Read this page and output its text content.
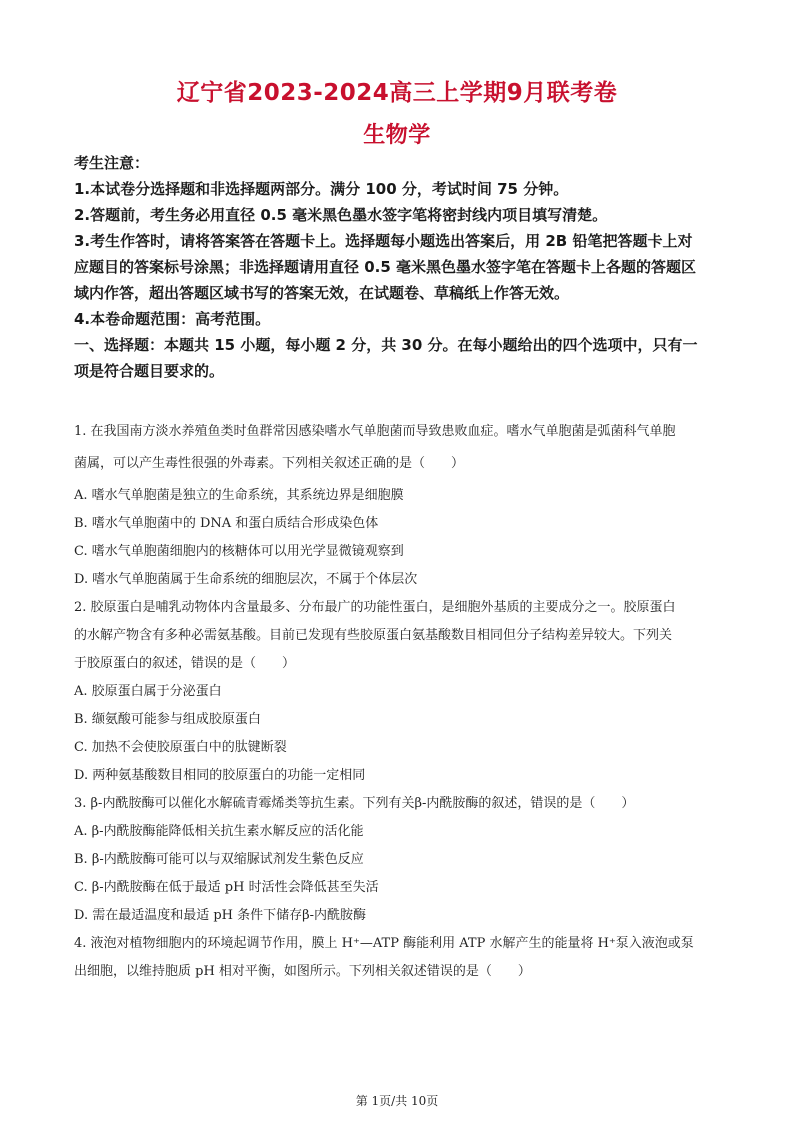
辽宁省2023-2024高三上学期9月联考卷
生物学
考生注意：
1.本试卷分选择题和非选择题两部分。满分 100 分，考试时间 75 分钟。
2.答题前，考生务必用直径 0.5 毫米黑色墨水签字笔将密封线内项目填写清楚。
3.考生作答时，请将答案答在答题卡上。选择题每小题选出答案后，用 2B 铅笔把答题卡上对
应题目的答案标号涂黑；非选择题请用直径 0.5 毫米黑色墨水签字笔在答题卡上各题的答题区
域内作答，超出答题区域书写的答案无效，在试题卷、草稿纸上作答无效。
4.本卷命题范围：高考范围。
一、选择题：本题共 15 小题，每小题 2 分，共 30 分。在每小题给出的四个选项中，只有一
项是符合题目要求的。
1. 在我国南方淡水养殖鱼类时鱼群常因感染嗜水气单胞菌而导致患败血症。嗜水气单胞菌是弧菌科气单胞
菌属，可以产生毒性很强的外毒素。下列相关叙述正确的是（　　）
A. 嗜水气单胞菌是独立的生命系统，其系统边界是细胞膜
B. 嗜水气单胞菌中的 DNA 和蛋白质结合形成染色体
C. 嗜水气单胞菌细胞内的核糖体可以用光学显微镜观察到
D. 嗜水气单胞菌属于生命系统的细胞层次，不属于个体层次
2. 胶原蛋白是哺乳动物体内含量最多、分布最广的功能性蛋白，是细胞外基质的主要成分之一。胶原蛋白
的水解产物含有多种必需氨基酸。目前已发现有些胶原蛋白氨基酸数目相同但分子结构差异较大。下列关
于胶原蛋白的叙述，错误的是（　　）
A. 胶原蛋白属于分泌蛋白
B. 缬氨酸可能参与组成胶原蛋白
C. 加热不会使胶原蛋白中的肽键断裂
D. 两种氨基酸数目相同的胶原蛋白的功能一定相同
3. β-内酰胺酶可以催化水解硫青霉烯类等抗生素。下列有关β-内酰胺酶的叙述，错误的是（　　）
A. β-内酰胺酶能降低相关抗生素水解反应的活化能
B. β-内酰胺酶可能可以与双缩脲试剂发生紫色反应
C. β-内酰胺酶在低于最适 pH 时活性会降低甚至失活
D. 需在最适温度和最适 pH 条件下储存β-内酰胺酶
4. 液泡对植物细胞内的环境起调节作用，膜上 H⁺—ATP 酶能利用 ATP 水解产生的能量将 H⁺泵入液泡或泵
出细胞，以维持胞质 pH 相对平衡，如图所示。下列相关叙述错误的是（　　）
第 1页/共 10页
